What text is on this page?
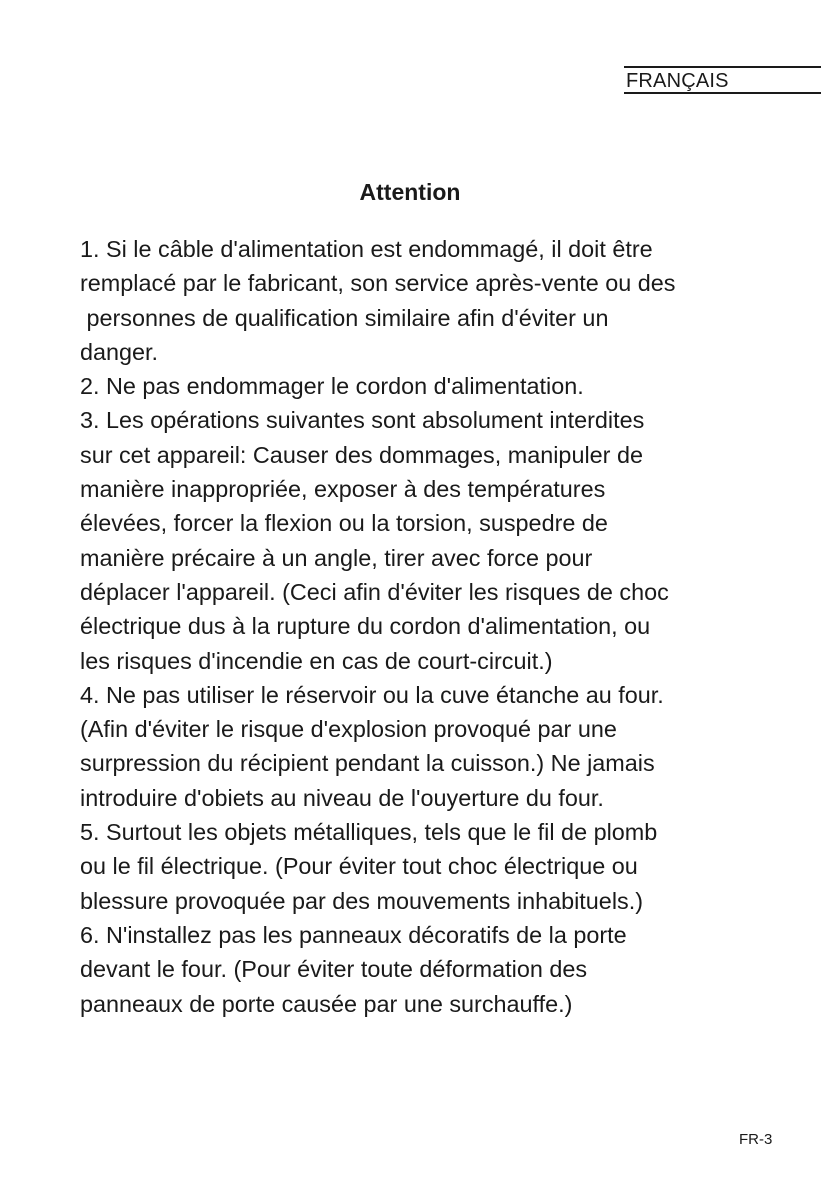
FRANÇAIS
Attention
1. Si le câble d'alimentation est endommagé, il doit être
remplacé par le fabricant, son service après-vente ou des
personnes de qualification similaire afin d'éviter un
danger.
2. Ne pas endommager le cordon d'alimentation.
3. Les opérations suivantes sont absolument interdites
sur cet appareil: Causer des dommages, manipuler de
manière inappropriée, exposer à des températures
élevées, forcer la flexion ou la torsion, suspedre de
manière précaire à un angle, tirer avec force pour
déplacer l'appareil. (Ceci afin d'éviter les risques de choc
électrique dus à la rupture du cordon d'alimentation, ou
les risques d'incendie en cas de court-circuit.)
4. Ne pas utiliser le réservoir ou la cuve étanche au four.
(Afin d'éviter le risque d'explosion provoqué par une
surpression du récipient pendant la cuisson.) Ne jamais
introduire d'obiets au niveau de l'ouyerture du four.
5. Surtout les objets métalliques, tels que le fil de plomb
ou le fil électrique. (Pour éviter tout choc électrique ou
blessure provoquée par des mouvements inhabituels.)
6. N'installez pas les panneaux décoratifs de la porte
devant le four. (Pour éviter toute déformation des
panneaux de porte causée par une surchauffe.)
FR-3
